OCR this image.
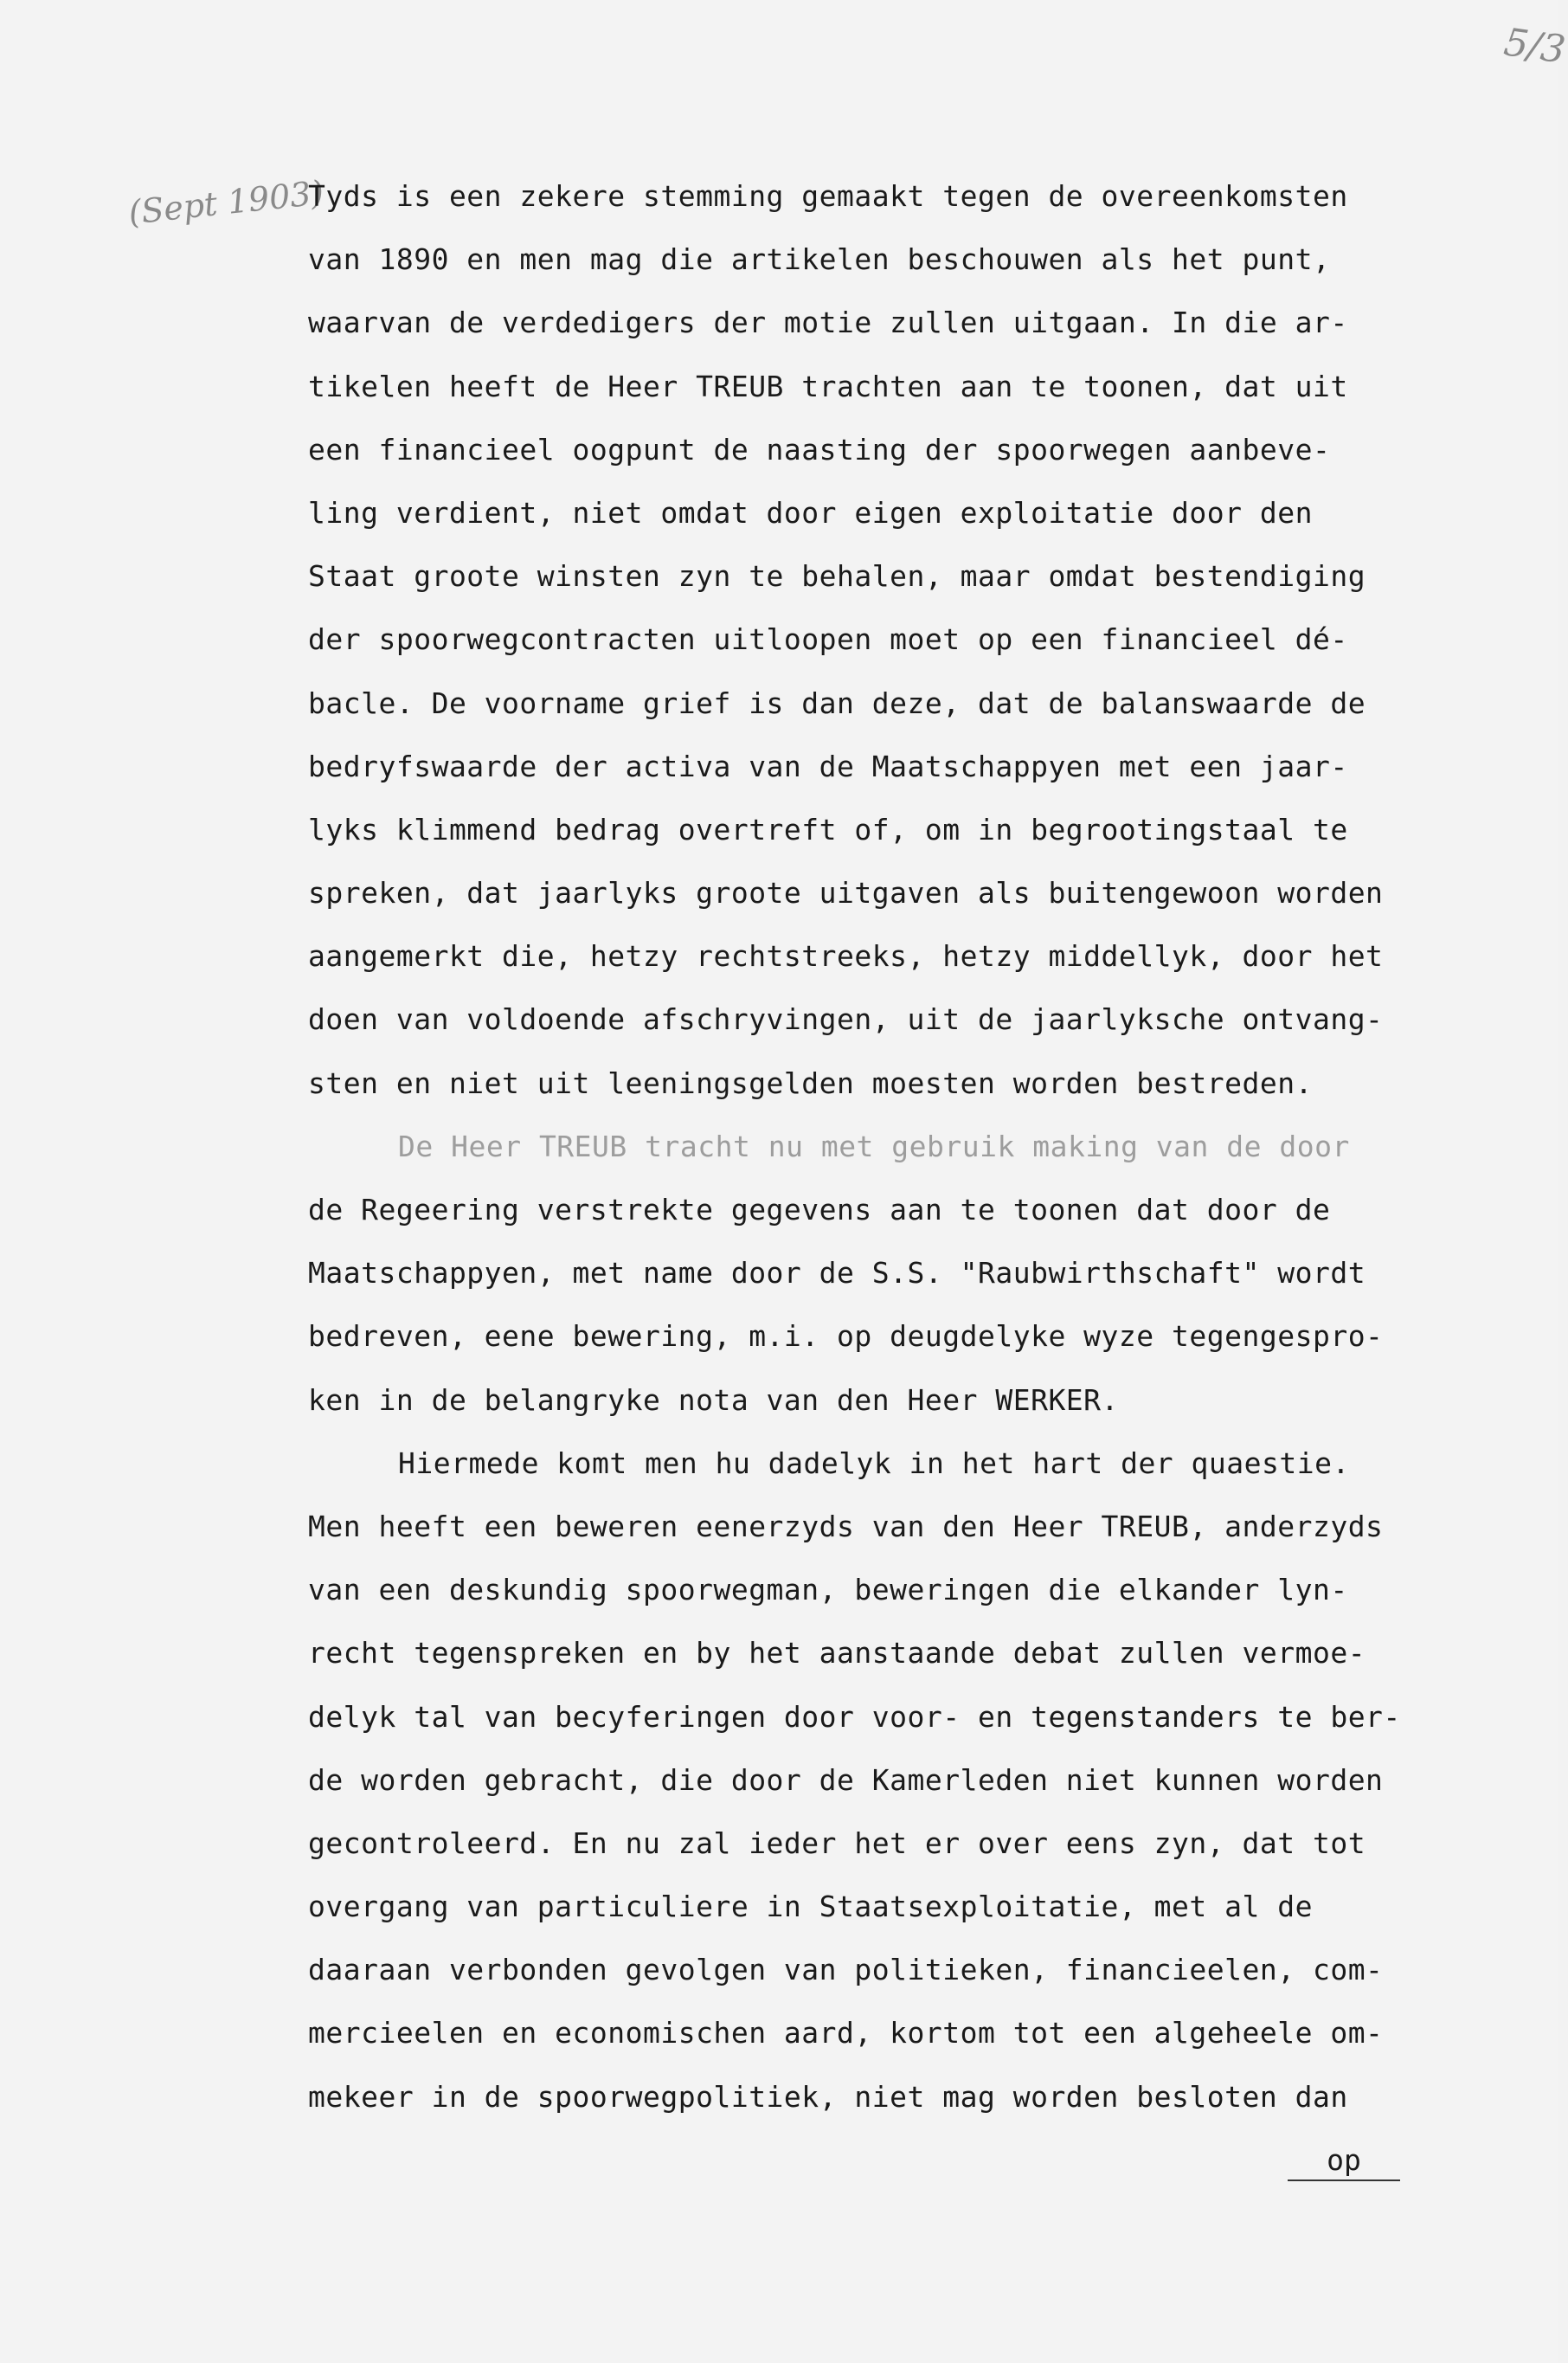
5/3
(Sept 1903)
Tyds is een zekere stemming gemaakt tegen de overeenkomsten
van 1890 en men mag die artikelen beschouwen als het punt,
waarvan de verdedigers der motie zullen uitgaan. In die ar-
tikelen heeft de Heer TREUB trachten aan te toonen, dat uit
een financieel oogpunt de naasting der spoorwegen aanbeve-
ling verdient, niet omdat door eigen exploitatie door den
Staat groote winsten zyn te behalen, maar omdat bestendiging
der spoorwegcontracten uitloopen moet op een financieel dé-
bacle. De voorname grief is dan deze, dat de balanswaarde de
bedryfswaarde der activa van de Maatschappyen met een jaar-
lyks klimmend bedrag overtreft of, om in begrootingstaal te
spreken, dat jaarlyks groote uitgaven als buitengewoon worden
aangemerkt die, hetzy rechtstreeks, hetzy middellyk, door het
doen van voldoende afschryvingen, uit de jaarlyksche ontvang-
sten en niet uit leeningsgelden moesten worden bestreden.
De Heer TREUB tracht nu met gebruik making van de door
de Regeering verstrekte gegevens aan te toonen dat door de
Maatschappyen, met name door de S.S. "Raubwirthschaft" wordt
bedreven, eene bewering, m.i. op deugdelyke wyze tegengespro-
ken in de belangryke nota van den Heer WERKER.
Hiermede komt men hu dadelyk in het hart der quaestie.
Men heeft een beweren eenerzyds van den Heer TREUB, anderzyds
van een deskundig spoorwegman, beweringen die elkander lyn-
recht tegenspreken en by het aanstaande debat zullen vermoe-
delyk tal van becyferingen door voor- en tegenstanders te ber-
de worden gebracht, die door de Kamerleden niet kunnen worden
gecontroleerd. En nu zal ieder het er over eens zyn, dat tot
overgang van particuliere in Staatsexploitatie, met al de
daaraan verbonden gevolgen van politieken, financieelen, com-
mercieelen en economischen aard, kortom tot een algeheele om-
mekeer in de spoorwegpolitiek, niet mag worden besloten dan
op
